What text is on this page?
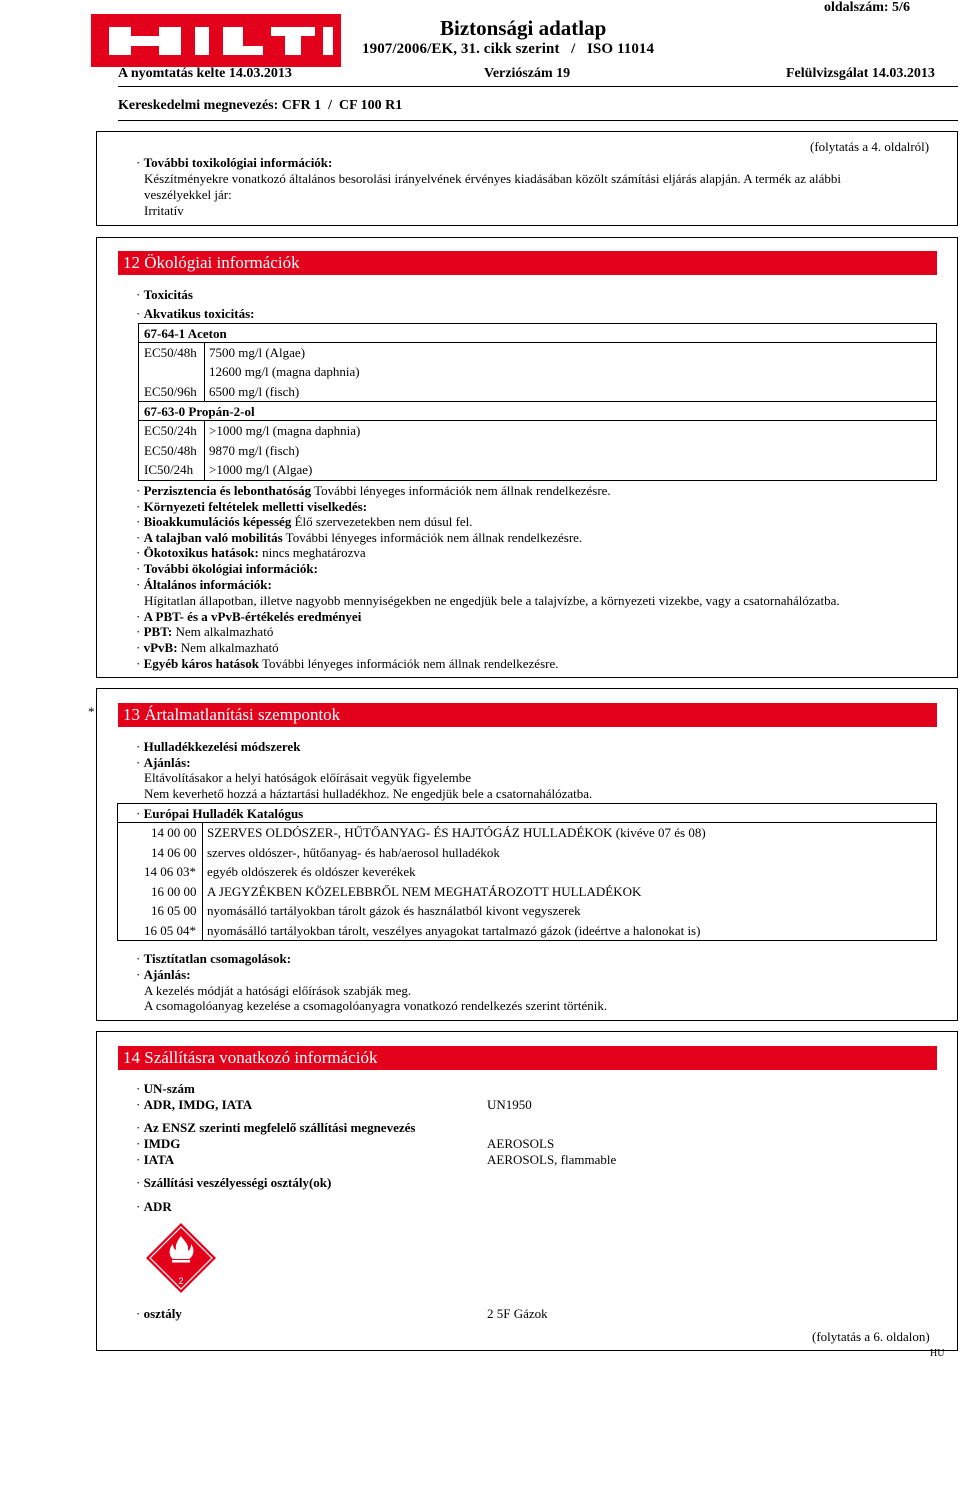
Biztonsági adatlap
1907/2006/EK, 31. cikk szerint   /   ISO 11014
oldalszám: 5/6
A nyomtatás kelte 14.03.2013	Verziószám 19	Felülvizsgálat 14.03.2013
Kereskedelmi megnevezés: CFR 1  /  CF 100 R1
(folytatás a 4. oldalról)
· További toxikológiai információk:
Készítményekre vonatkozó általános besorolási irányelvének érvényes kiadásában közölt számítási eljárás alapján. A termék az alábbi
veszélyekkel jár:
Irritatív
12 Ökológiai információk
· Toxicitás
· Akvatikus toxicitás:
67-64-1 Aceton
EC50/48h 7500 mg/l (Algae)
12600 mg/l (magna daphnia)
EC50/96h 6500 mg/l (fisch)
67-63-0 Propán-2-ol
EC50/24h >1000 mg/l (magna daphnia)
EC50/48h 9870 mg/l (fisch)
IC50/24h >1000 mg/l (Algae)
· Perzisztencia és lebonthatóság További lényeges információk nem állnak rendelkezésre.
· Környezeti feltételek melletti viselkedés:
· Bioakkumulációs képesség Élő szervezetekben nem dúsul fel.
· A talajban való mobilitás További lényeges információk nem állnak rendelkezésre.
· Ökotoxikus hatások: nincs meghatározva
· További ökológiai információk:
· Általános információk:
Hígitatlan állapotban, illetve nagyobb mennyiségekben ne engedjük bele a talajvízbe, a környezeti vizekbe, vagy a csatornahálózatba.
· A PBT- és a vPvB-értékelés eredményei
· PBT: Nem alkalmazható
· vPvB: Nem alkalmazható
· Egyéb káros hatások További lényeges információk nem állnak rendelkezésre.
* 13 Ártalmatlanítási szempontok
· Hulladékkezelési módszerek
· Ajánlás:
Eltávolításakor a helyi hatóságok előírásait vegyük figyelembe
Nem keverhető hozzá a háztartási hulladékhoz. Ne engedjük bele a csatornahálózatba.
· Európai Hulladék Katalógus
14 00 00 SZERVES OLDÓSZER-, HŰTŐANYAG- ÉS HAJTÓGÁZ HULLADÉKOK (kivéve 07 és 08)
14 06 00 szerves oldószer-, hűtőanyag- és hab/aerosol hulladékok
14 06 03* egyéb oldószerek és oldószer keverékek
16 00 00 A JEGYZÉKBEN KÖZELEBBRŐL NEM MEGHATÁROZOTT HULLADÉKOK
16 05 00 nyomásálló tartályokban tárolt gázok és használatból kivont vegyszerek
16 05 04* nyomásálló tartályokban tárolt, veszélyes anyagokat tartalmazó gázok (ideértve a halonokat is)
· Tisztítatlan csomagolások:
· Ajánlás:
A kezelés módját a hatósági előírások szabják meg.
A csomagolóanyag kezelése a csomagolóanyagra vonatkozó rendelkezés szerint történik.
14 Szállításra vonatkozó információk
· UN-szám
· ADR, IMDG, IATA	UN1950
· Az ENSZ szerinti megfelelő szállítási megnevezés
· IMDG	AEROSOLS
· IATA	AEROSOLS, flammable
· Szállítási veszélyességi osztály(ok)
· ADR
2
· osztály	2 5F Gázok
(folytatás a 6. oldalon)
HU
